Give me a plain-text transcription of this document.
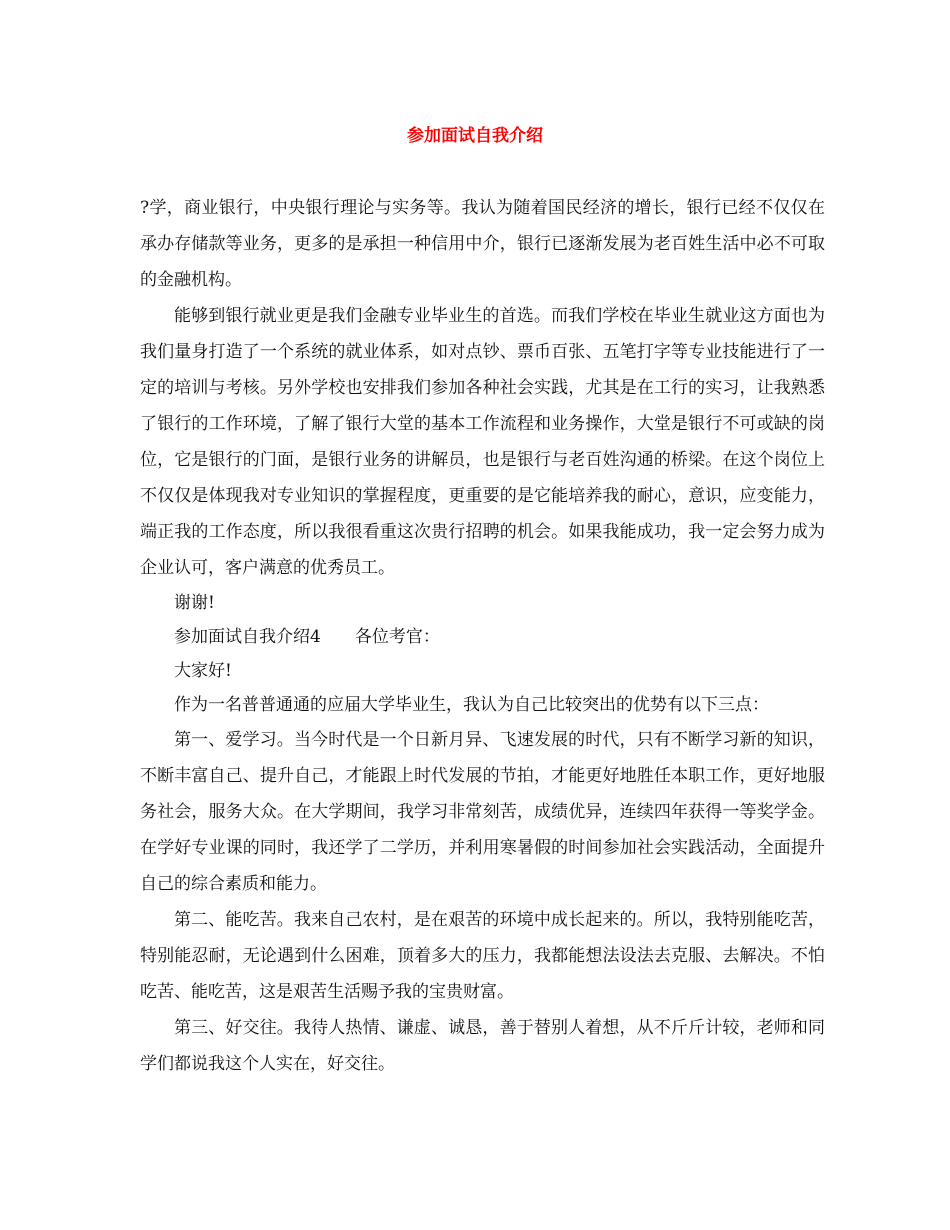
参加面试自我介绍

?学，商业银行，中央银行理论与实务等。我认为随着国民经济的增长，银行已经不仅仅在承办存储款等业务，更多的是承担一种信用中介，银行已逐渐发展为老百姓生活中必不可取的金融机构。

能够到银行就业更是我们金融专业毕业生的首选。而我们学校在毕业生就业这方面也为我们量身打造了一个系统的就业体系，如对点钞、票币百张、五笔打字等专业技能进行了一定的培训与考核。另外学校也安排我们参加各种社会实践，尤其是在工行的实习，让我熟悉了银行的工作环境，了解了银行大堂的基本工作流程和业务操作，大堂是银行不可或缺的岗位，它是银行的门面，是银行业务的讲解员，也是银行与老百姓沟通的桥梁。在这个岗位上不仅仅是体现我对专业知识的掌握程度，更重要的是它能培养我的耐心，意识，应变能力，端正我的工作态度，所以我很看重这次贵行招聘的机会。如果我能成功，我一定会努力成为企业认可，客户满意的优秀员工。

谢谢!

参加面试自我介绍4　　各位考官：

大家好!

作为一名普普通通的应届大学毕业生，我认为自己比较突出的优势有以下三点：

第一、爱学习。当今时代是一个日新月异、飞速发展的时代，只有不断学习新的知识，不断丰富自己、提升自己，才能跟上时代发展的节拍，才能更好地胜任本职工作，更好地服务社会，服务大众。在大学期间，我学习非常刻苦，成绩优异，连续四年获得一等奖学金。在学好专业课的同时，我还学了二学历，并利用寒暑假的时间参加社会实践活动，全面提升自己的综合素质和能力。

第二、能吃苦。我来自己农村，是在艰苦的环境中成长起来的。所以，我特别能吃苦，特别能忍耐，无论遇到什么困难，顶着多大的压力，我都能想法设法去克服、去解决。不怕吃苦、能吃苦，这是艰苦生活赐予我的宝贵财富。

第三、好交往。我待人热情、谦虚、诚恳，善于替别人着想，从不斤斤计较，老师和同学们都说我这个人实在，好交往。
